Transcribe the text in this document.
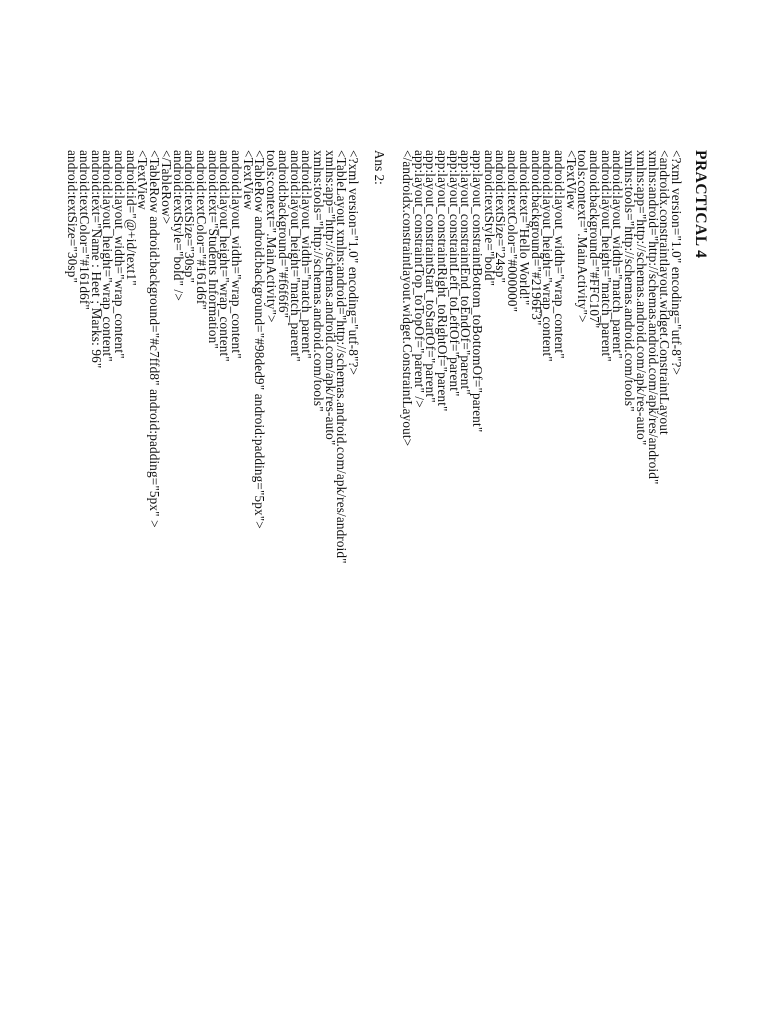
PRACTICAL 4
<?xml version="1.0" encoding="utf-8"?>
<androidx.constraintlayout.widget.ConstraintLayout
xmlns:android="http://schemas.android.com/apk/res/android"
xmlns:app="http://schemas.android.com/apk/res-auto"
xmlns:tools="http://schemas.android.com/tools"
android:layout_width="match_parent"
android:layout_height="match_parent"
android:background="#FFC107"
tools:context=".MainActivity">
<TextView
android:layout_width="wrap_content"
android:layout_height="wrap_content"
android:background="#2196F3"
android:text="Hello World!"
android:textColor="#000000"
android:textSize="24sp"
android:textStyle="bold"
app:layout_constraintBottom_toBottomOf="parent"
app:layout_constraintEnd_toEndOf="parent"
app:layout_constraintLeft_toLeftOf="parent"
app:layout_constraintRight_toRightOf="parent"
app:layout_constraintStart_toStartOf="parent"
app:layout_constraintTop_toTopOf="parent" />
</androidx.constraintlayout.widget.ConstraintLayout>
Ans 2:
<?xml version="1.0" encoding="utf-8"?>
<TableLayout xmlns:android="http://schemas.android.com/apk/res/android"
xmlns:app="http://schemas.android.com/apk/res-auto"
xmlns:tools="http://schemas.android.com/tools"
android:layout_width="match_parent"
android:layout_height="match_parent"
android:background="#f6f6f6"
tools:context=".MainActivity">
<TableRow android:background="#98ded9" android:padding="5px">
<TextView
android:layout_width="wrap_content"
android:layout_height="wrap_content"
android:text="Students Information"
android:textColor="#161d6f"
android:textSize="30sp"
android:textStyle="bold" />
</TableRow>
<TableRow android:background="#c7ffd8" android:padding="5px" >
<TextView
android:id="@+id/text1"
android:layout_width="wrap_content"
android:layout_height="wrap_content"
android:text="Name : Heet ; Marks: 96"
android:textColor="#161d6f"
android:textSize="30sp"
